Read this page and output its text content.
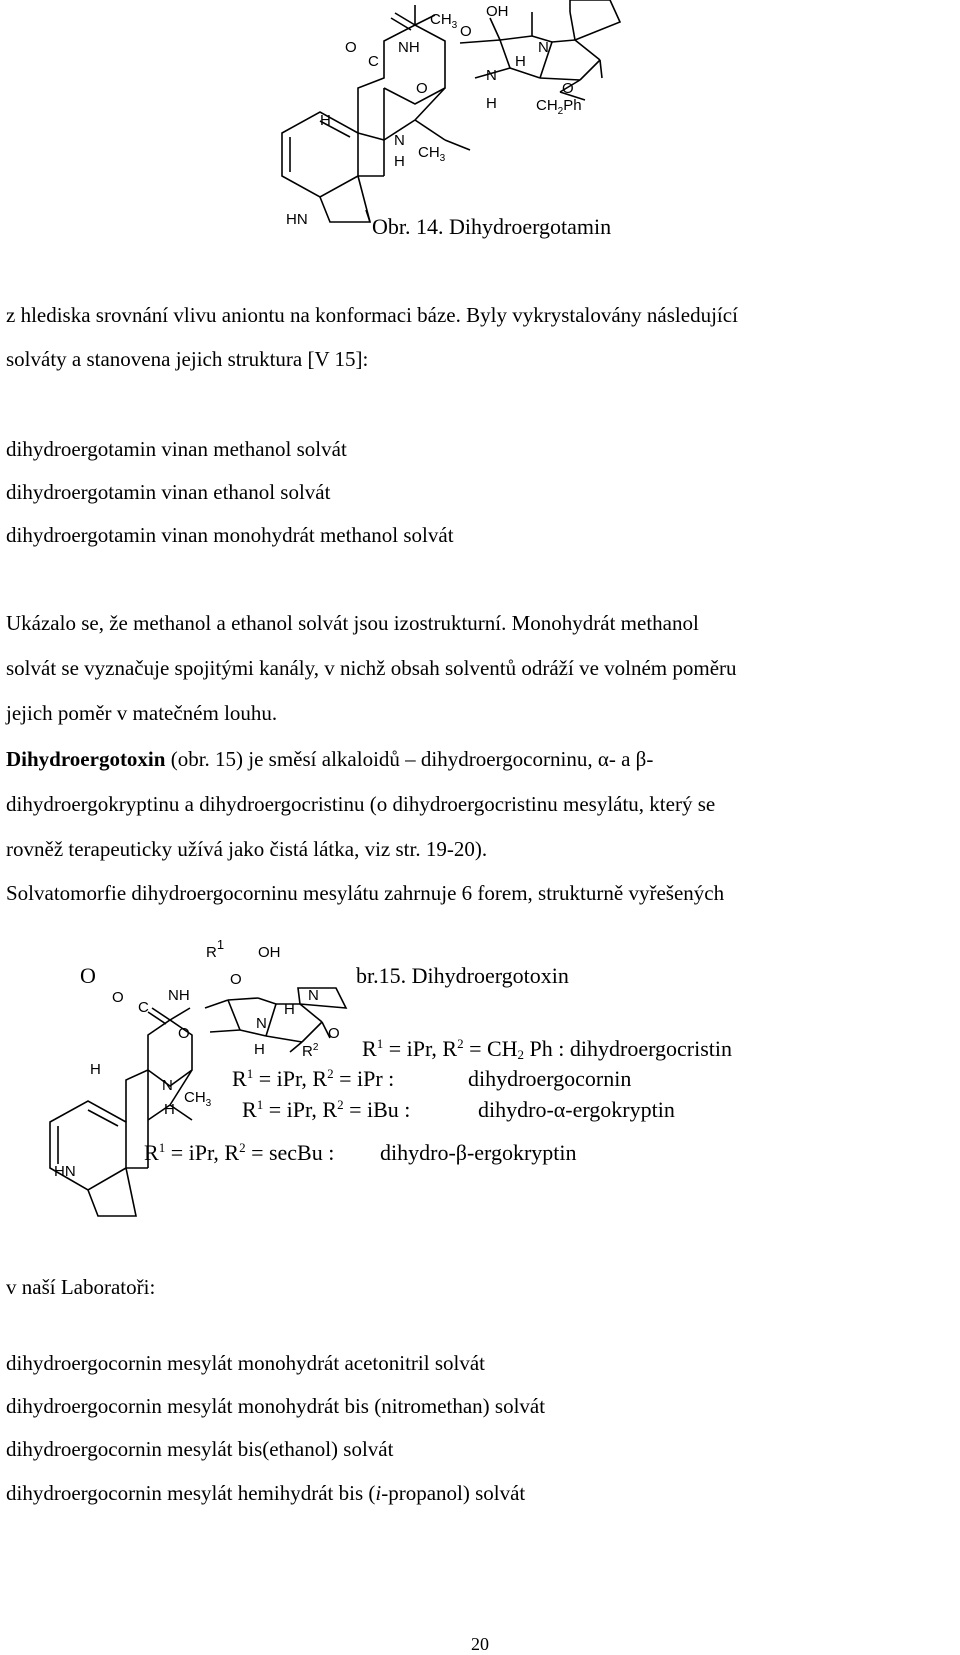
OH
$CH_3$ O
O
C
NH	N
H
O
N
O
H	$CH_2Ph$
H
N
$CH_3$
H
HN	Obr. 14. Dihydroergotamin
z hlediska srovnání vlivu aniontu na konformaci báze. Byly vykrystalovány následující
solváty a stanovena jejich struktura [V 15]:
dihydroergotamin vinan methanol solvát
dihydroergotamin vinan ethanol solvát
dihydroergotamin vinan monohydrát methanol solvát
Ukázalo se, že methanol a ethanol solvát jsou izostrukturní. Monohydrát methanol
solvát se vyznačuje spojitými kanály, v nichž obsah solventů odráží ve volném poměru
jejich poměr v matečném louhu.
Dihydroergotoxin (obr. 15) je směsí alkaloidů – dihydroergocorninu, α- a β-
dihydroergokryptinu a dihydroergocristinu (o dihydroergocristinu mesylátu, který se
rovněž terapeuticky užívá jako čistá látka, viz str. 19-20).
Solvatomorfie dihydroergocorninu mesylátu zahrnuje 6 forem, strukturně vyřešených
NH
O
C
O
N
H
O
N
O
H $R^2$
H
N
$CH_3$
H
HN
O
$R^1$ OH
br.15. Dihydroergotoxin
$R^1$ = iPr, $R^2 = CH_2$ Ph : dihydroergocristin
$R^1$ = iPr, $R^2$ = iPr :	dihydroergocornin
$R^1$ = iPr, $R^2$ = iBu :	dihydro-α-ergokryptin
$R^1$ = iPr, $R^2$ = secBu : dihydro-β-ergokryptin
v naší Laboratoři:
dihydroergocornin mesylát monohydrát acetonitril solvát
dihydroergocornin mesylát monohydrát bis (nitromethan) solvát
dihydroergocornin mesylát bis(ethanol) solvát
dihydroergocornin mesylát hemihydrát bis (i-propanol) solvát
20
